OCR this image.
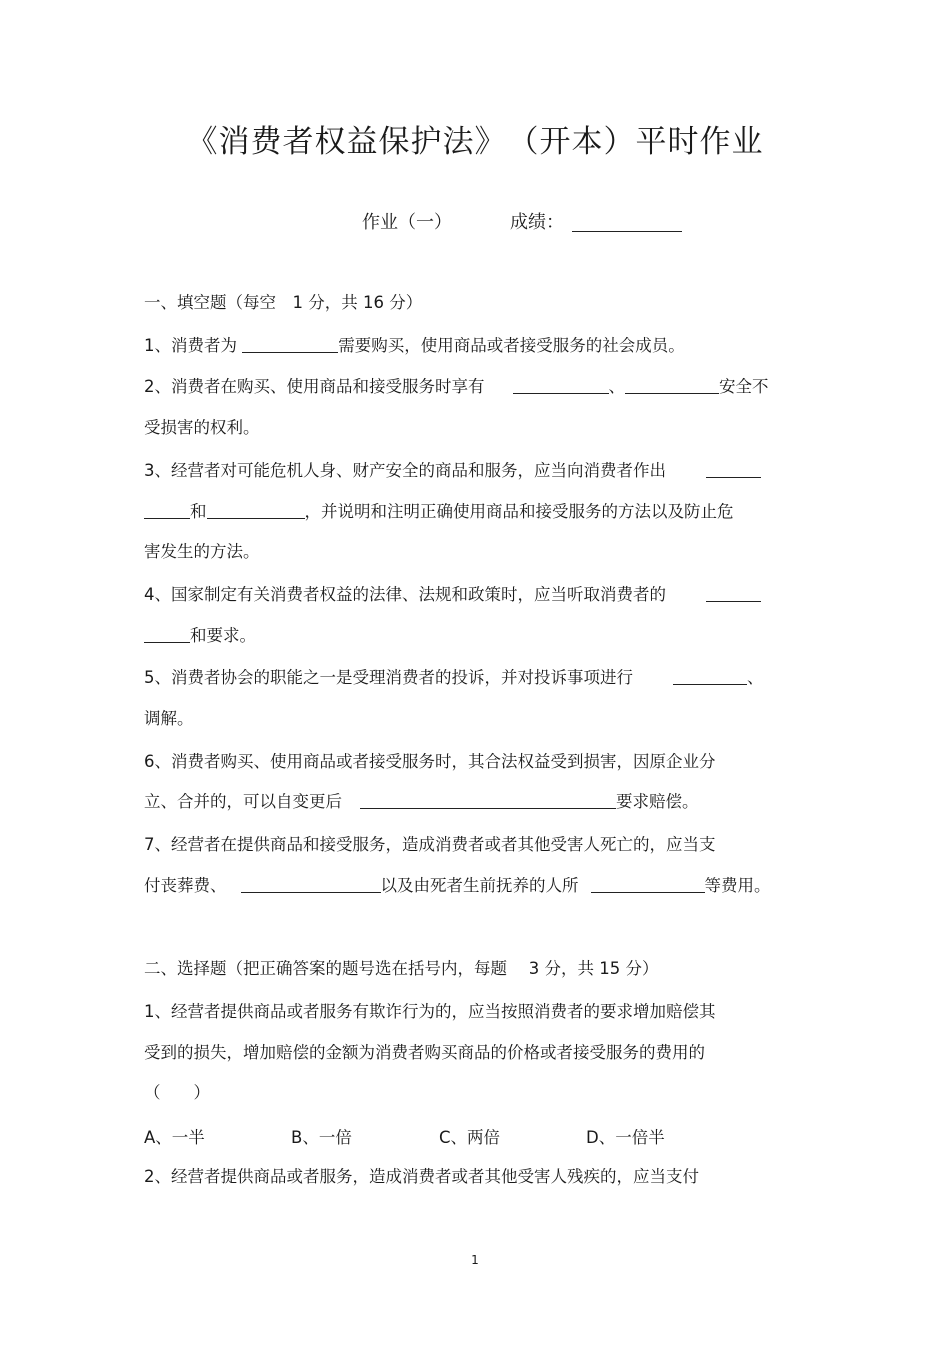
《消费者权益保护法》　（开本）平时作业
作业（一）	成绩：
一、填空题（每空　1 分，共 16 分）
1、消费者为	需要购买，使用商品或者接受服务的社会成员。
2、消费者在购买、使用商品和接受服务时享有	、	安全不
受损害的权利。
3、经营者对可能危机人身、财产安全的商品和服务，应当向消费者作出
和	，并说明和注明正确使用商品和接受服务的方法以及防止危
害发生的方法。
4、国家制定有关消费者权益的法律、法规和政策时，应当听取消费者的
和要求。
5、消费者协会的职能之一是受理消费者的投诉，并对投诉事项进行	、
调解。
6、消费者购买、使用商品或者接受服务时，其合法权益受到损害，因原企业分
立、合并的，可以自变更后	要求赔偿。
7、经营者在提供商品和接受服务，造成消费者或者其他受害人死亡的，应当支
付丧葬费、	以及由死者生前抚养的人所	等费用。
二、选择题（把正确答案的题号选在括号内，每题　 3 分，共 15 分）
1、经营者提供商品或者服务有欺诈行为的，应当按照消费者的要求增加赔偿其
受到的损失，增加赔偿的金额为消费者购买商品的价格或者接受服务的费用的
（　　）
A、一半	B、一倍	C、两倍	D、一倍半
2、经营者提供商品或者服务，造成消费者或者其他受害人残疾的，应当支付
1
